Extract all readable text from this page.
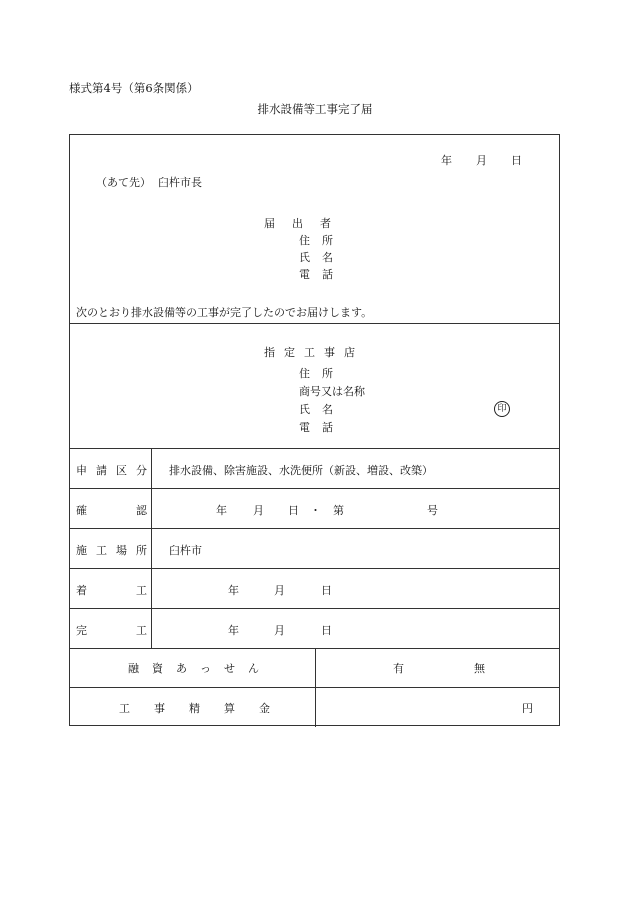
様式第4号（第6条関係）
排水設備等工事完了届
年 月 日
（あて先） 臼杵市長
届 出 者
住 所
氏 名
電 話
次のとおり排水設備等の工事が完了したのでお届けします。
指 定 工 事 店
住 所
商号又は名称
氏 名	印
電 話
申 請 区 分 排水設備、除害施設、水洗便所（新設、増設、改築）
確	認	年 月 日 ・ 第	号
施 工 場 所 臼杵市
着	工	年	月	日
完	工	年	月	日
融 資 あ っ せ ん	有	無
工 事 精 算 金	円
